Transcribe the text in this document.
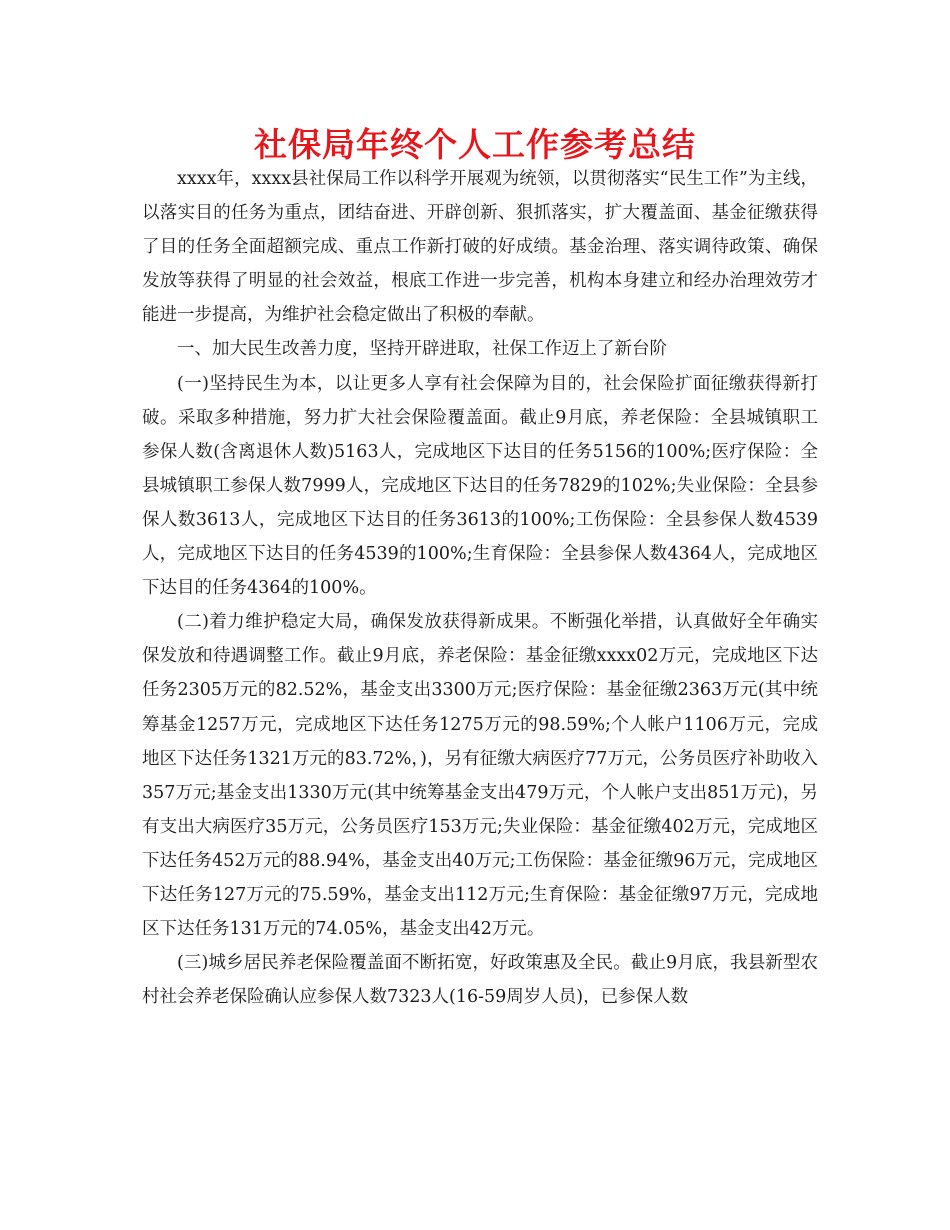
社保局年终个人工作参考总结

xxxx年，xxxx县社保局工作以科学开展观为统领，以贯彻落实“民生工作”为主线，以落实目的任务为重点，团结奋进、开辟创新、狠抓落实，扩大覆盖面、基金征缴获得了目的任务全面超额完成、重点工作新打破的好成绩。基金治理、落实调待政策、确保发放等获得了明显的社会效益，根底工作进一步完善，机构本身建立和经办治理效劳才能进一步提高，为维护社会稳定做出了积极的奉献。

一、加大民生改善力度，坚持开辟进取，社保工作迈上了新台阶

(一)坚持民生为本，以让更多人享有社会保障为目的，社会保险扩面征缴获得新打破。采取多种措施，努力扩大社会保险覆盖面。截止9月底，养老保险：全县城镇职工参保人数(含离退休人数)5163人，完成地区下达目的任务5156的100%;医疗保险：全县城镇职工参保人数7999人，完成地区下达目的任务7829的102%;失业保险：全县参保人数3613人，完成地区下达目的任务3613的100%;工伤保险：全县参保人数4539人，完成地区下达目的任务4539的100%;生育保险：全县参保人数4364人，完成地区下达目的任务4364的100%。

(二)着力维护稳定大局，确保发放获得新成果。不断强化举措，认真做好全年确实保发放和待遇调整工作。截止9月底，养老保险：基金征缴xxxx02万元，完成地区下达任务2305万元的82.52%，基金支出3300万元;医疗保险：基金征缴2363万元(其中统筹基金1257万元，完成地区下达任务1275万元的98.59%;个人帐户1106万元，完成地区下达任务1321万元的83.72%，)，另有征缴大病医疗77万元，公务员医疗补助收入357万元;基金支出1330万元(其中统筹基金支出479万元，个人帐户支出851万元)，另有支出大病医疗35万元，公务员医疗153万元;失业保险：基金征缴402万元，完成地区下达任务452万元的88.94%，基金支出40万元;工伤保险：基金征缴96万元，完成地区下达任务127万元的75.59%，基金支出112万元;生育保险：基金征缴97万元，完成地区下达任务131万元的74.05%，基金支出42万元。

(三)城乡居民养老保险覆盖面不断拓宽，好政策惠及全民。截止9月底，我县新型农村社会养老保险确认应参保人数7323人(16-59周岁人员)，已参保人数
